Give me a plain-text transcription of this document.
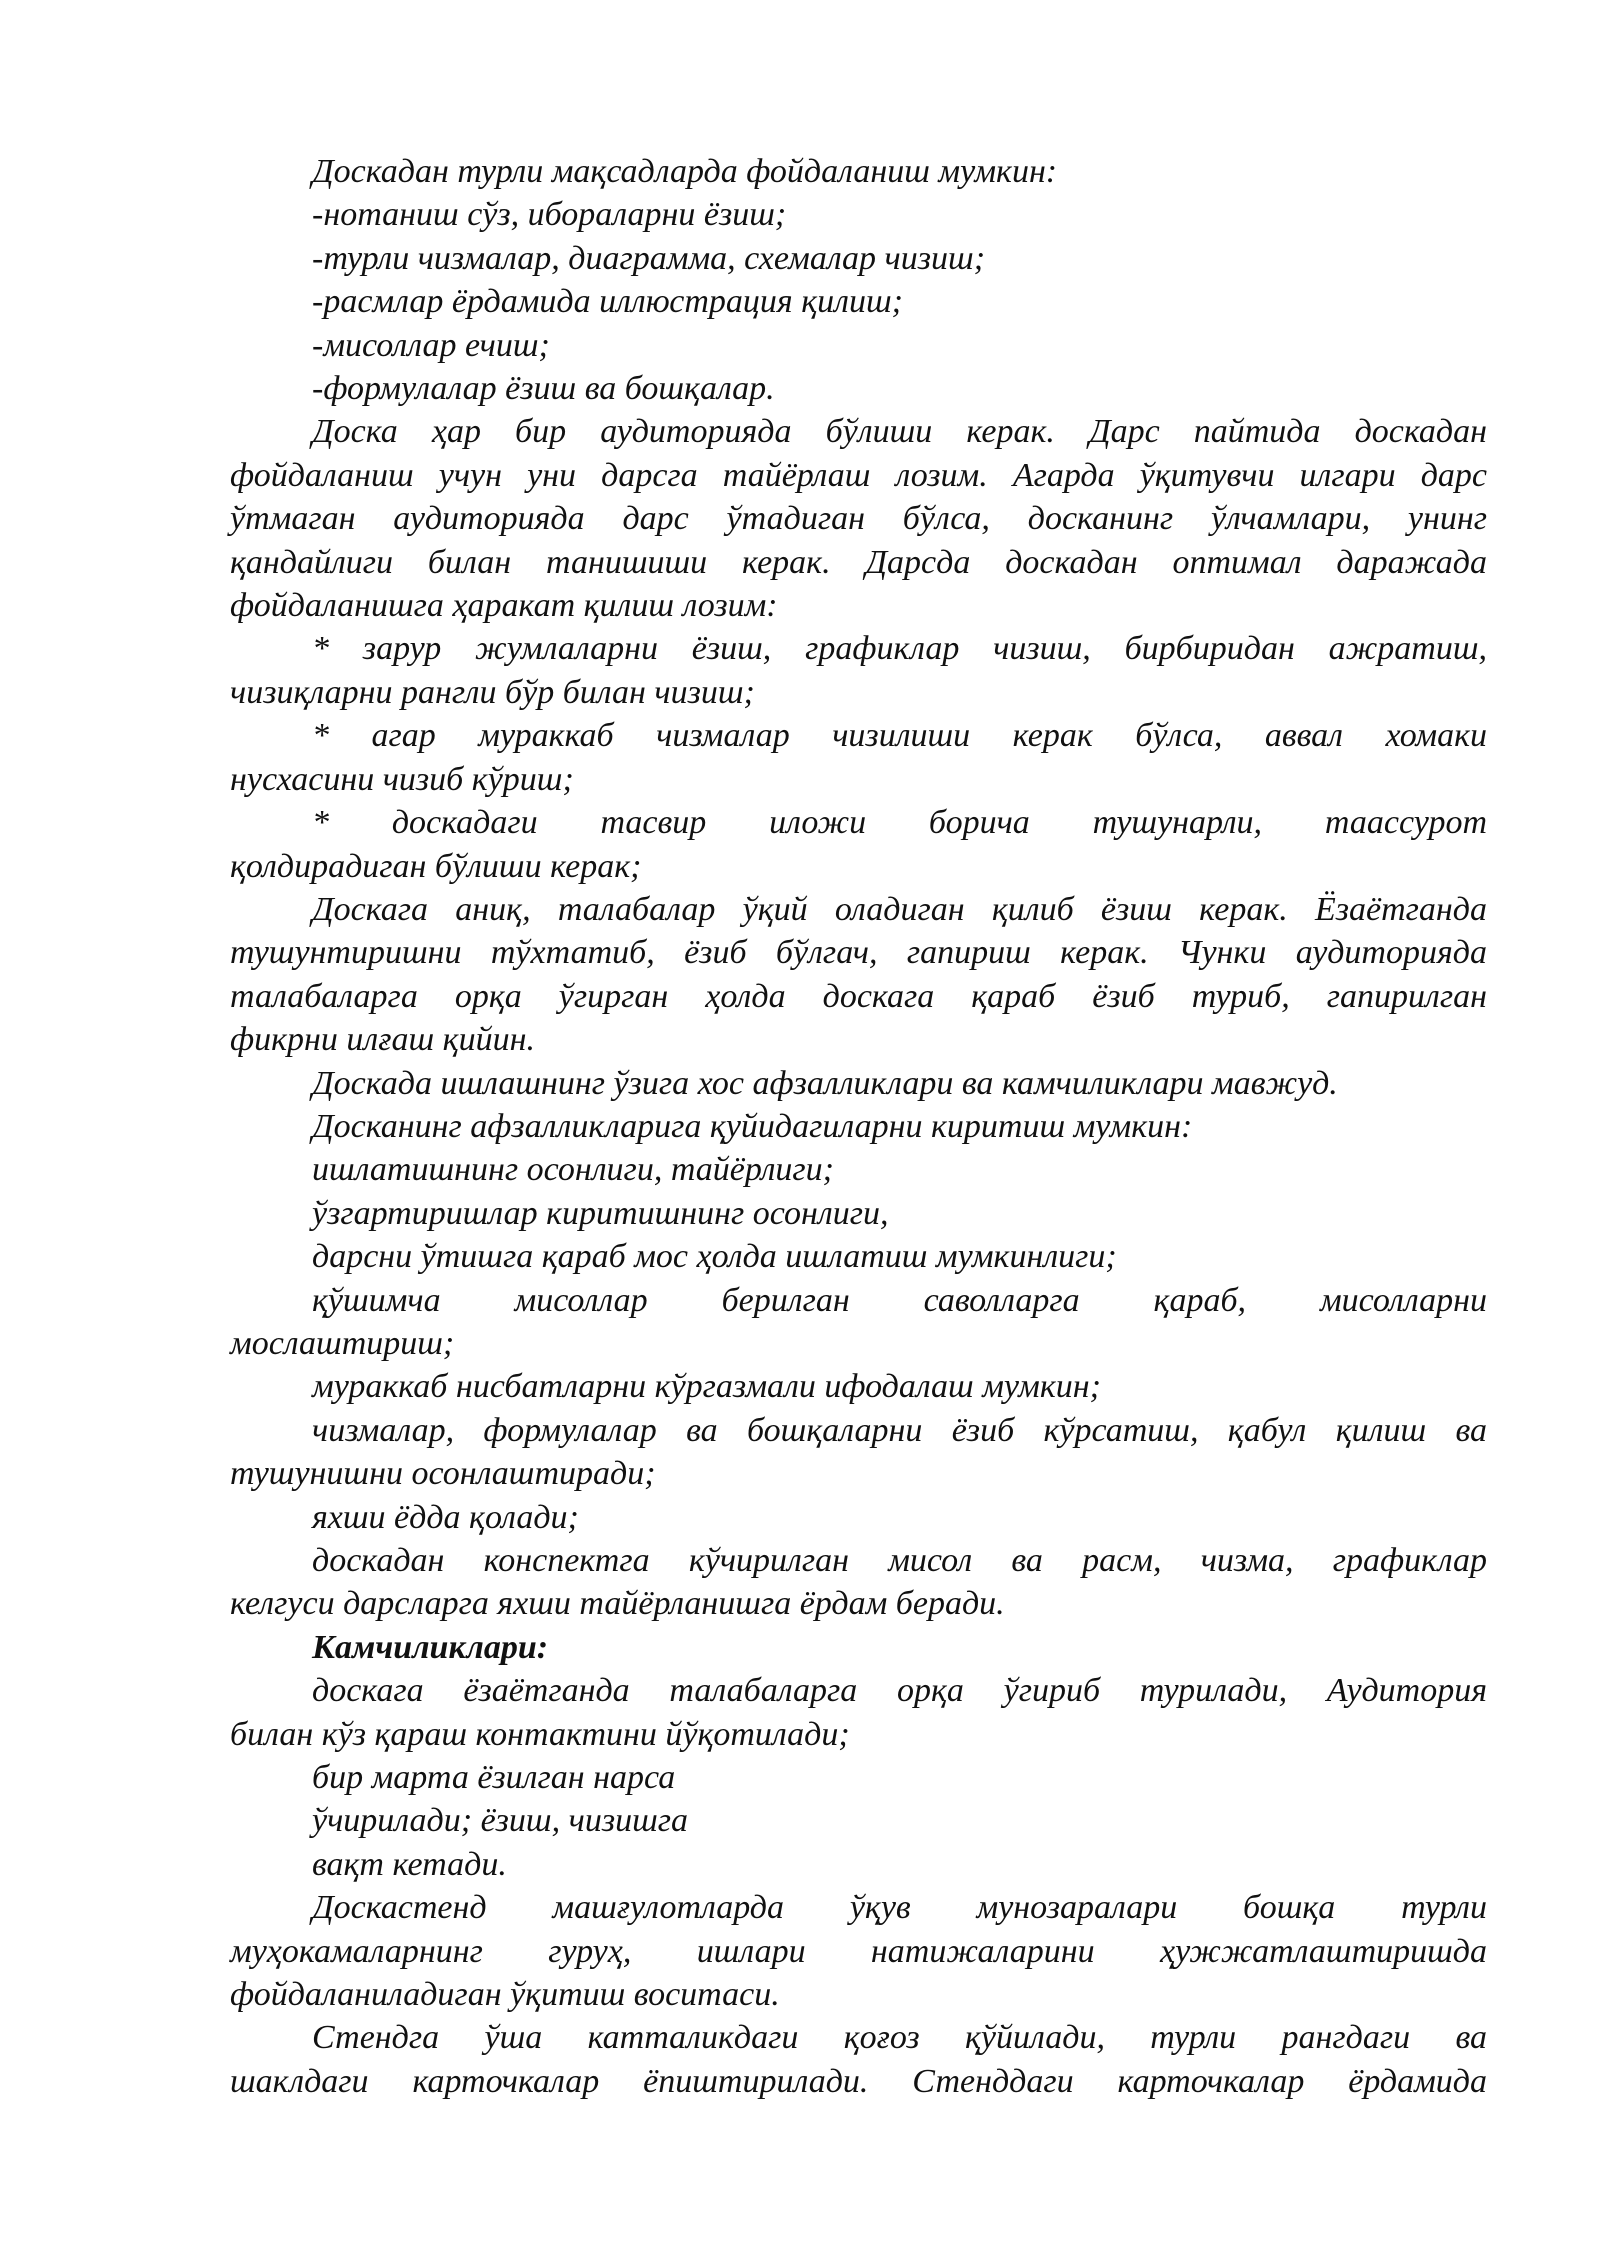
Доскадан турли мақсадларда фойдаланиш мумкин:
-нотаниш сўз, ибораларни ёзиш;
-турли чизмалар, диаграмма, схемалар чизиш;
-расмлар ёрдамида иллюстрация қилиш;
-мисоллар ечиш;
-формулалар ёзиш ва бошқалар.
Доска ҳар бир аудиторияда бўлиши керак. Дарс пайтида доскадан
фойдаланиш учун уни дарсга тайёрлаш лозим. Агарда ўқитувчи илгари дарс
ўтмаган аудиторияда дарс ўтадиган бўлса, досканинг ўлчамлари, унинг
қандайлиги билан танишиши керак. Дарсда доскадан оптимал даражада
фойдаланишга ҳаракат қилиш лозим:
* зарур жумлаларни ёзиш, графиклар чизиш, бирбиридан ажратиш,
чизиқларни рангли бўр билан чизиш;
* агар мураккаб чизмалар чизилиши керак бўлса, аввал хомаки
нусхасини чизиб кўриш;
* доскадаги тасвир иложи борича тушунарли, таассурот
қолдирадиган бўлиши керак;
Доскага аниқ, талабалар ўқий оладиган қилиб ёзиш керак. Ёзаётганда
тушунтиришни тўхтатиб, ёзиб бўлгач, гапириш керак. Чунки аудиторияда
талабаларга орқа ўгирган ҳолда доскага қараб ёзиб туриб, гапирилган
фикрни илғаш қийин.
Доскада ишлашнинг ўзига хос афзалликлари ва камчиликлари мавжуд.
Досканинг афзалликларига қуйидагиларни киритиш мумкин:
ишлатишнинг осонлиги, тайёрлиги;
ўзгартиришлар киритишнинг осонлиги,
дарсни ўтишга қараб мос ҳолда ишлатиш мумкинлиги;
қўшимча мисоллар берилган саволларга қараб, мисолларни
мослаштириш;
мураккаб нисбатларни кўргазмали ифодалаш мумкин;
чизмалар, формулалар ва бошқаларни ёзиб кўрсатиш, қабул қилиш ва
тушунишни осонлаштиради;
яхши ёдда қолади;
доскадан конспектга кўчирилган мисол ва расм, чизма, графиклар
келгуси дарсларга яхши тайёрланишга ёрдам беради.
Камчиликлари:
доскага ёзаётганда талабаларга орқа ўгириб турилади, Аудитория
билан кўз қараш контактини йўқотилади;
бир марта ёзилган нарса
ўчирилади; ёзиш, чизишга
вақт кетади.
Доскастенд машғулотларда ўқув мунозаралари бошқа турли
муҳокамаларнинг гуруҳ, ишлари натижаларини ҳужжатлаштиришда
фойдаланиладиган ўқитиш воситаси.
Стендга ўша катталикдаги қоғоз қўйилади, турли рангдаги ва
шаклдаги карточкалар ёпиштирилади. Стенддаги карточкалар ёрдамида
